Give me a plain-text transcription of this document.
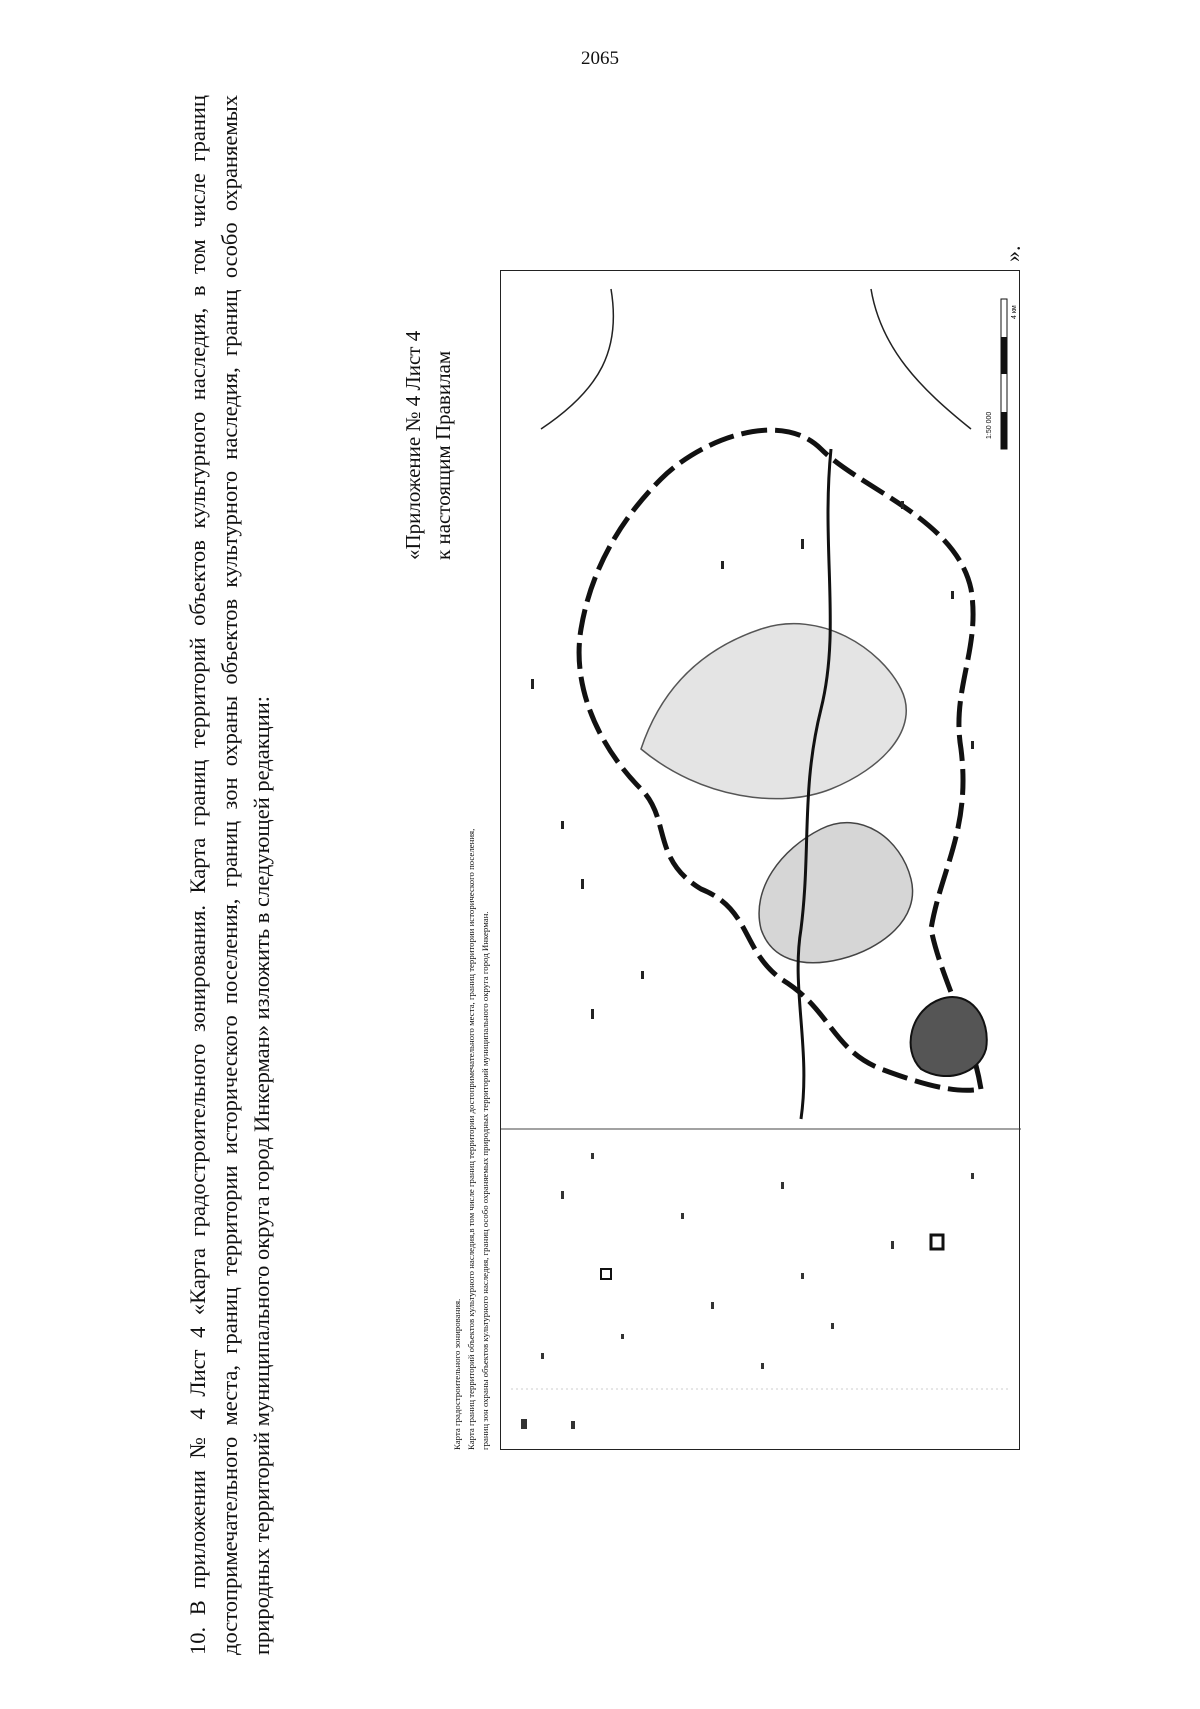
2065

10. В приложении № 4 Лист 4 «Карта градостроительного зонирования. Карта границ территорий объектов культурного наследия, в том числе границ достопримечательного места, границ территории исторического поселения, границ зон охраны объектов культурного наследия, границ особо охраняемых природных территорий муниципального округа город Инкерман» изложить в следующей редакции:

«Приложение № 4 Лист 4 к настоящим Правилам
Карта градостроительного зонирования. Карта границ территорий объектов культурного наследия,в том числе границ территории достопримечательного места, границ территории исторического поселения, границ зон охраны объектов культурного наследия, границ особо охраняемых природных территорий муниципального округа город Инкерман.
1:50 000
4 км
».
